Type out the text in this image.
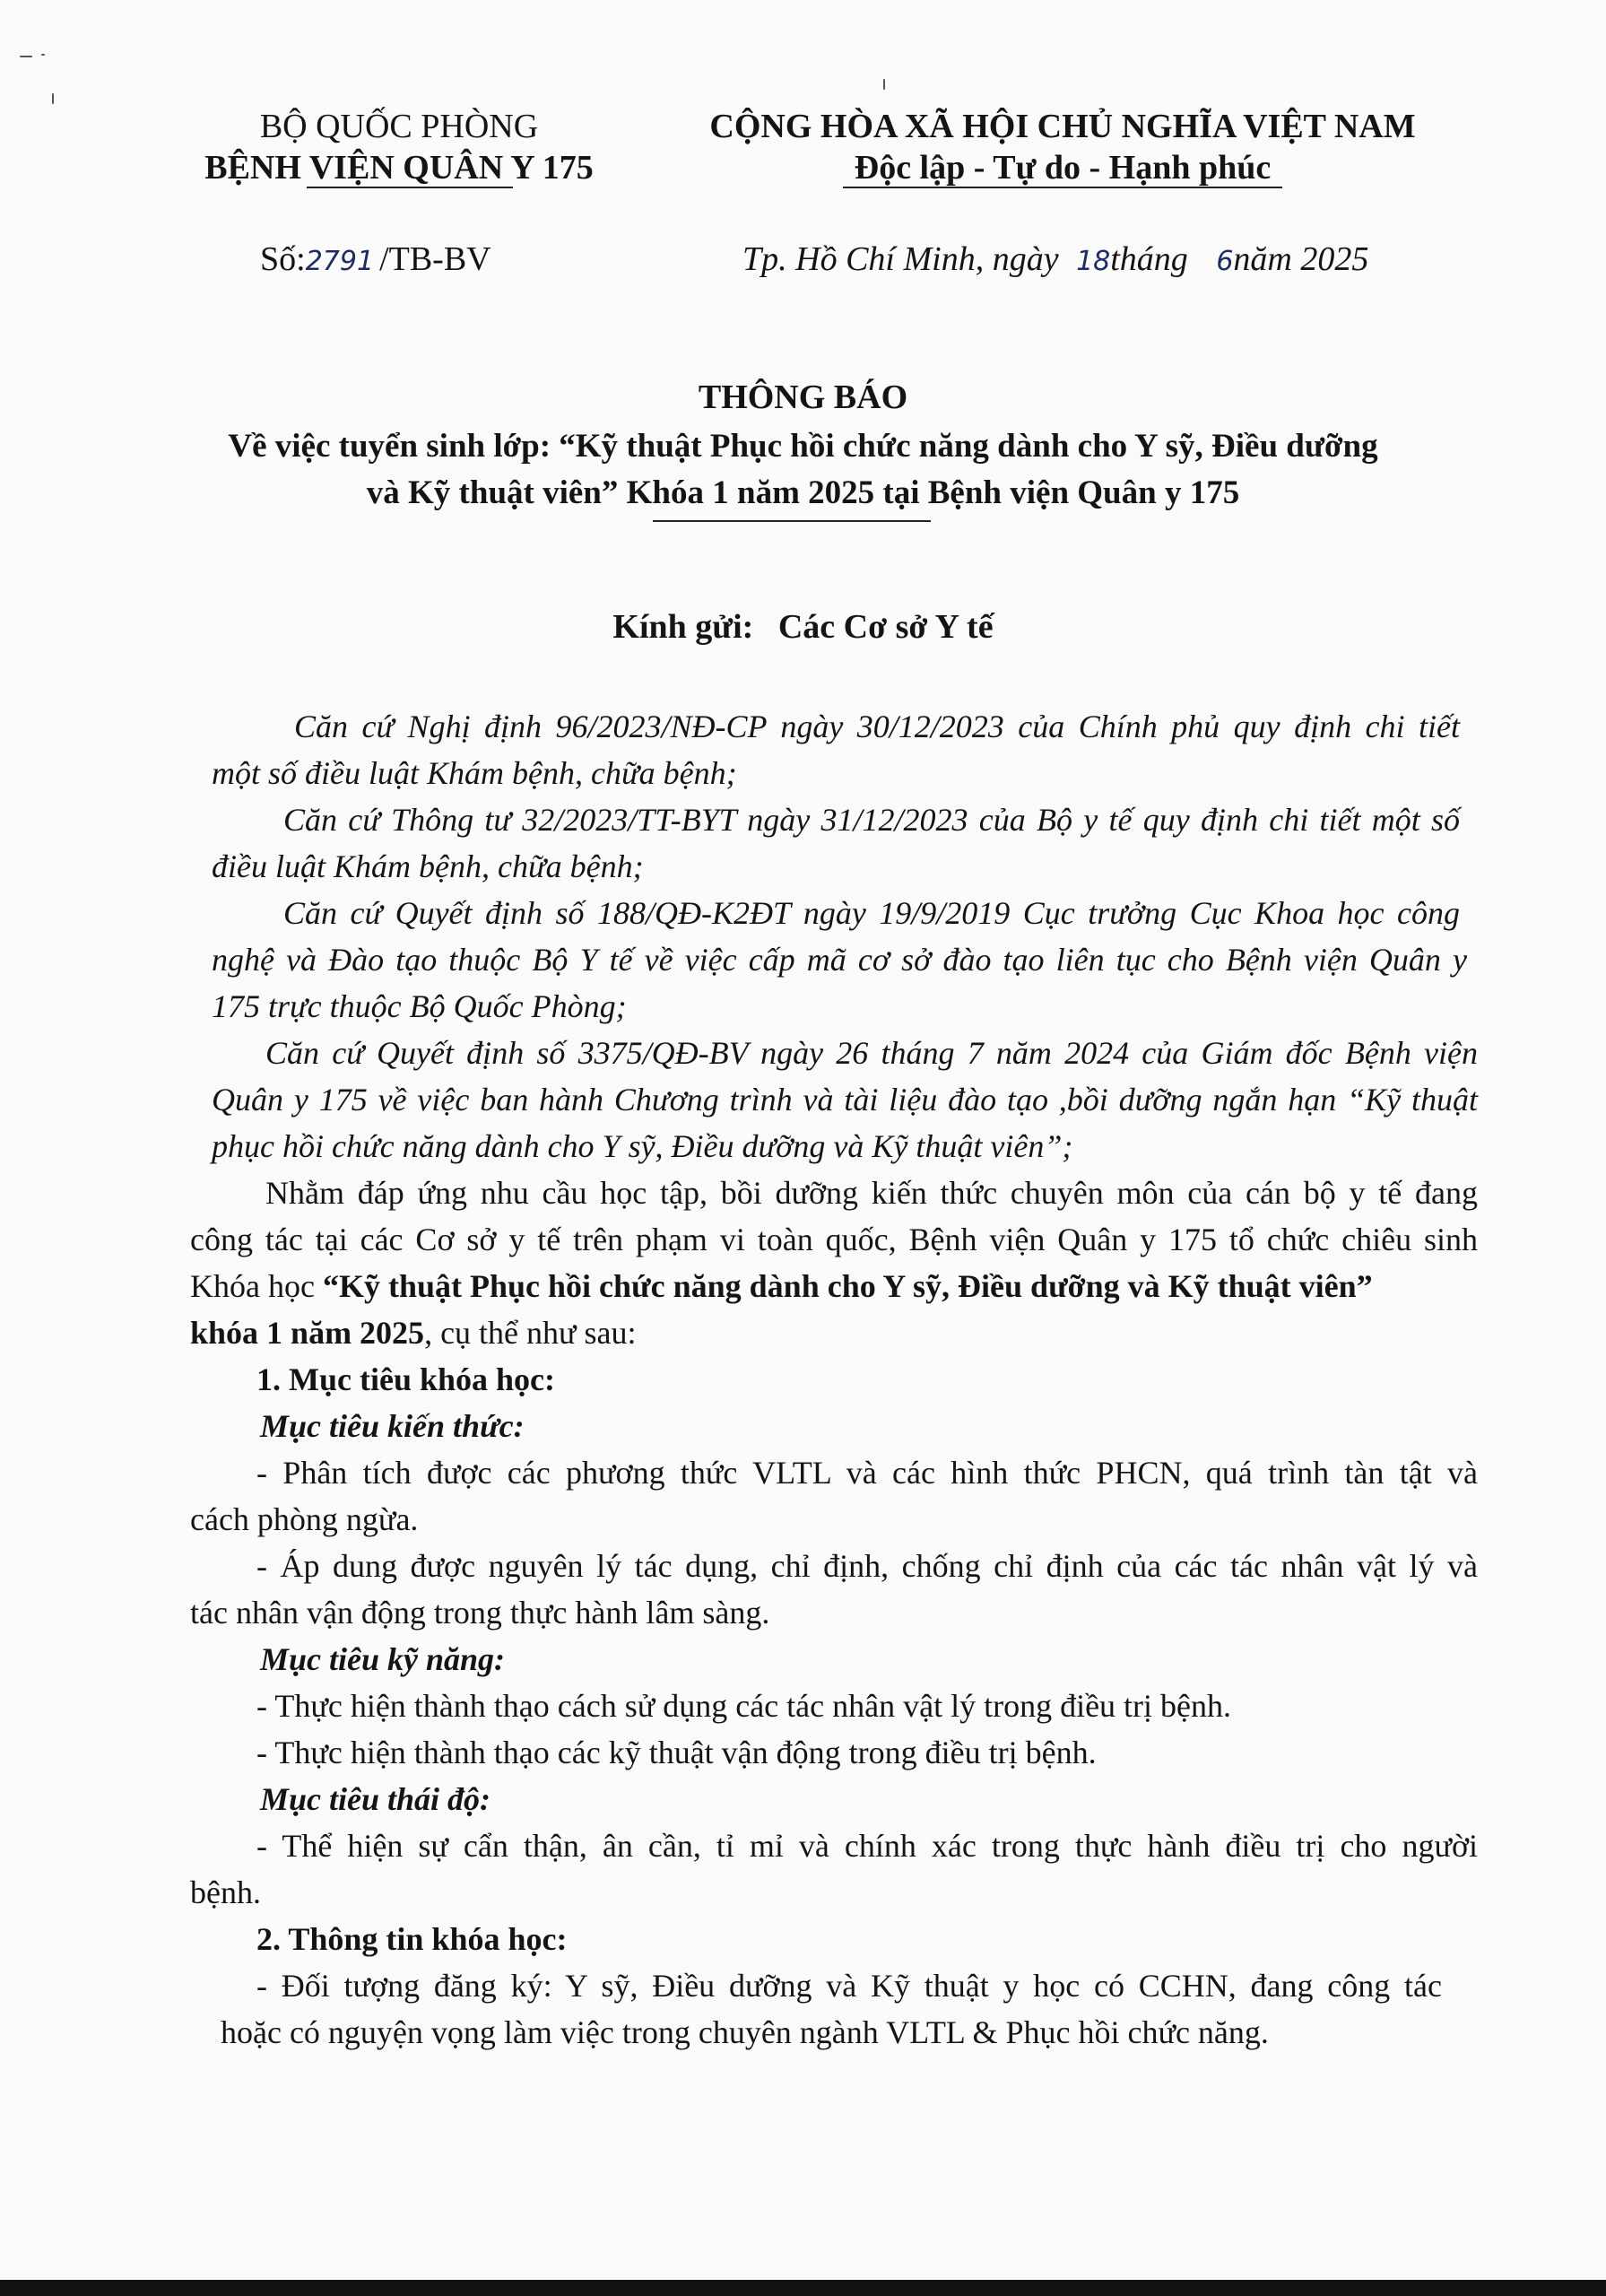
BỘ QUỐC PHÒNG
BỆNH VIỆN QUÂN Y 175
CỘNG HÒA XÃ HỘI CHỦ NGHĨA VIỆT NAM
Độc lập - Tự do - Hạnh phúc
Số:2791 /TB-BV	Tp. Hồ Chí Minh, ngày 18tháng 6năm 2025
THÔNG BÁO
Về việc tuyển sinh lớp: “Kỹ thuật Phục hồi chức năng dành cho Y sỹ, Điều dưỡng
và Kỹ thuật viên” Khóa 1 năm 2025 tại Bệnh viện Quân y 175
Kính gửi: Các Cơ sở Y tế
Căn cứ Nghị định 96/2023/NĐ-CP ngày 30/12/2023 của Chính phủ quy định chi tiết
một số điều luật Khám bệnh, chữa bệnh;
Căn cứ Thông tư 32/2023/TT-BYT ngày 31/12/2023 của Bộ y tế quy định chi tiết một số
điều luật Khám bệnh, chữa bệnh;
Căn cứ Quyết định số 188/QĐ-K2ĐT ngày 19/9/2019 Cục trưởng Cục Khoa học công
nghệ và Đào tạo thuộc Bộ Y tế về việc cấp mã cơ sở đào tạo liên tục cho Bệnh viện Quân y
175 trực thuộc Bộ Quốc Phòng;
Căn cứ Quyết định số 3375/QĐ-BV ngày 26 tháng 7 năm 2024 của Giám đốc Bệnh viện
Quân y 175 về việc ban hành Chương trình và tài liệu đào tạo ,bồi dưỡng ngắn hạn “Kỹ thuật
phục hồi chức năng dành cho Y sỹ, Điều dưỡng và Kỹ thuật viên”;
Nhằm đáp ứng nhu cầu học tập, bồi dưỡng kiến thức chuyên môn của cán bộ y tế đang
công tác tại các Cơ sở y tế trên phạm vi toàn quốc, Bệnh viện Quân y 175 tổ chức chiêu sinh
Khóa học “Kỹ thuật Phục hồi chức năng dành cho Y sỹ, Điều dưỡng và Kỹ thuật viên”
khóa 1 năm 2025, cụ thể như sau:
1. Mục tiêu khóa học:
Mục tiêu kiến thức:
- Phân tích được các phương thức VLTL và các hình thức PHCN, quá trình tàn tật và
cách phòng ngừa.
- Áp dung được nguyên lý tác dụng, chỉ định, chống chỉ định của các tác nhân vật lý và
tác nhân vận động trong thực hành lâm sàng.
Mục tiêu kỹ năng:
- Thực hiện thành thạo cách sử dụng các tác nhân vật lý trong điều trị bệnh.
- Thực hiện thành thạo các kỹ thuật vận động trong điều trị bệnh.
Mục tiêu thái độ:
- Thể hiện sự cẩn thận, ân cần, tỉ mỉ và chính xác trong thực hành điều trị cho người
bệnh.
2. Thông tin khóa học:
- Đối tượng đăng ký: Y sỹ, Điều dưỡng và Kỹ thuật y học có CCHN, đang công tác
hoặc có nguyện vọng làm việc trong chuyên ngành VLTL & Phục hồi chức năng.
